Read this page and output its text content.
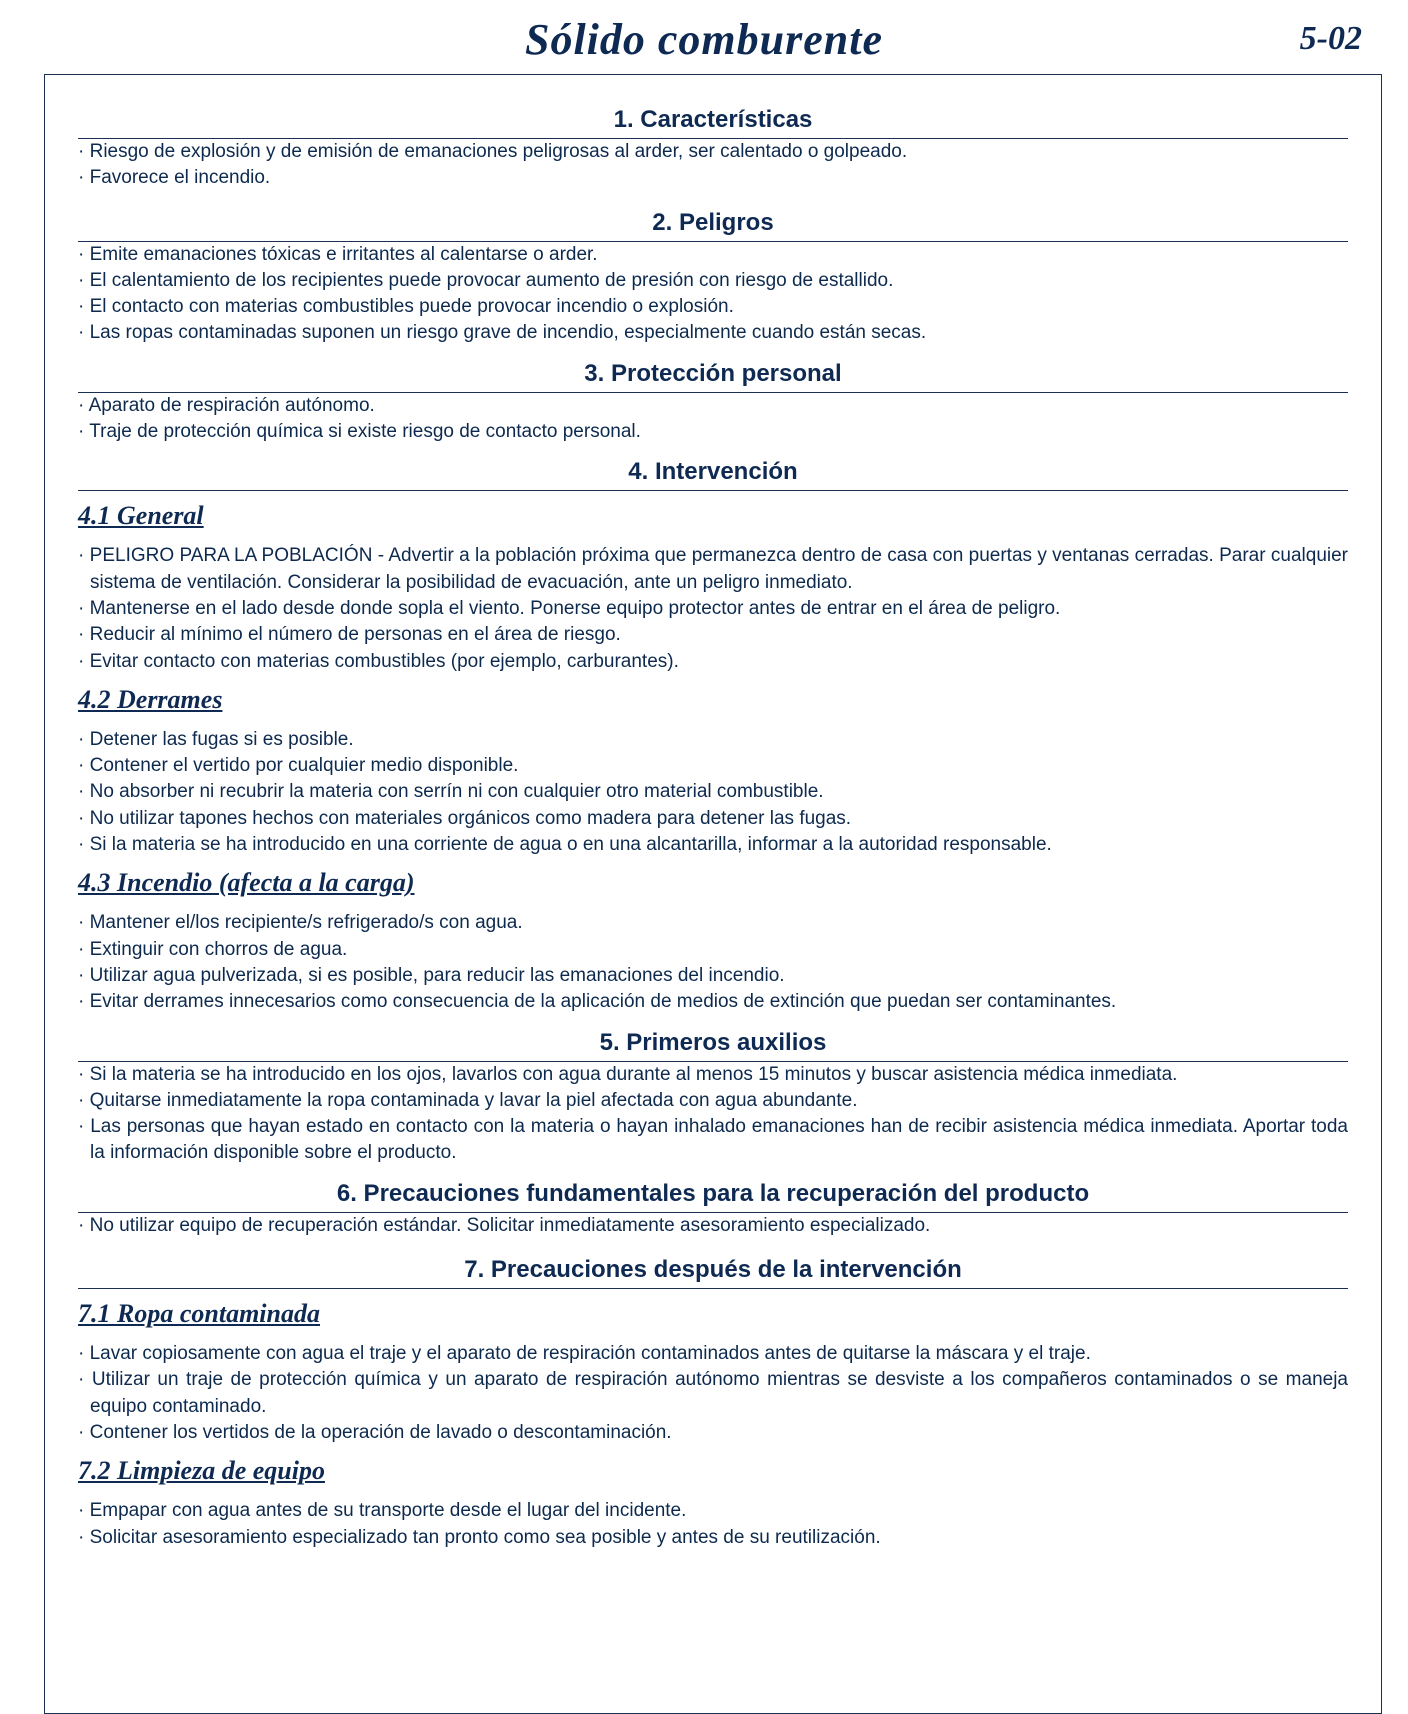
Sólido comburente	5-02
1. Características
· Riesgo de explosión y de emisión de emanaciones peligrosas al arder, ser calentado o golpeado.
· Favorece el incendio.
2. Peligros
· Emite emanaciones tóxicas e irritantes al calentarse o arder.
· El calentamiento de los recipientes puede provocar aumento de presión con riesgo de estallido.
· El contacto con materias combustibles puede provocar incendio o explosión.
· Las ropas contaminadas suponen un riesgo grave de incendio, especialmente cuando están secas.
3. Protección personal
· Aparato de respiración autónomo.
· Traje de protección química si existe riesgo de contacto personal.
4. Intervención
4.1 General
· PELIGRO PARA LA POBLACIÓN - Advertir a la población próxima que permanezca dentro de casa con puertas y ventanas cerradas. Parar cualquier sistema de ventilación. Considerar la posibilidad de evacuación, ante un peligro inmediato.
· Mantenerse en el lado desde donde sopla el viento. Ponerse equipo protector antes de entrar en el área de peligro.
· Reducir al mínimo el número de personas en el área de riesgo.
· Evitar contacto con materias combustibles (por ejemplo, carburantes).
4.2 Derrames
· Detener las fugas si es posible.
· Contener el vertido por cualquier medio disponible.
· No absorber ni recubrir la materia con serrín ni con cualquier otro material combustible.
· No utilizar tapones hechos con materiales orgánicos como madera para detener las fugas.
· Si la materia se ha introducido en una corriente de agua o en una alcantarilla, informar a la autoridad responsable.
4.3 Incendio (afecta a la carga)
· Mantener el/los recipiente/s refrigerado/s con agua.
· Extinguir con chorros de agua.
· Utilizar agua pulverizada, si es posible, para reducir las emanaciones del incendio.
· Evitar derrames innecesarios como consecuencia de la aplicación de medios de extinción que puedan ser contaminantes.
5. Primeros auxilios
· Si la materia se ha introducido en los ojos, lavarlos con agua durante al menos 15 minutos y buscar asistencia médica inmediata.
· Quitarse inmediatamente la ropa contaminada y lavar la piel afectada con agua abundante.
· Las personas que hayan estado en contacto con la materia o hayan inhalado emanaciones han de recibir asistencia médica inmediata. Aportar toda la información disponible sobre el producto.
6. Precauciones fundamentales para la recuperación del producto
· No utilizar equipo de recuperación estándar. Solicitar inmediatamente asesoramiento especializado.
7. Precauciones después de la intervención
7.1 Ropa contaminada
· Lavar copiosamente con agua el traje y el aparato de respiración contaminados antes de quitarse la máscara y el traje.
· Utilizar un traje de protección química y un aparato de respiración autónomo mientras se desviste a los compañeros contaminados o se maneja equipo contaminado.
· Contener los vertidos de la operación de lavado o descontaminación.
7.2 Limpieza de equipo
· Empapar con agua antes de su transporte desde el lugar del incidente.
· Solicitar asesoramiento especializado tan pronto como sea posible y antes de su reutilización.
